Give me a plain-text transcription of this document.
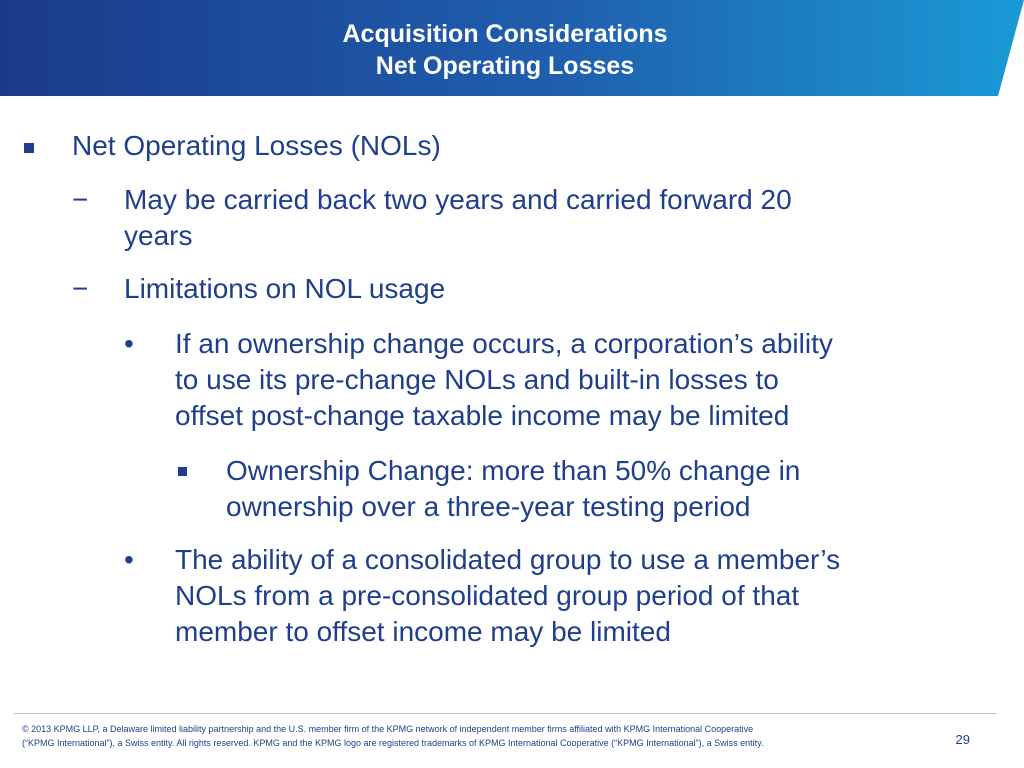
Acquisition Considerations
Net Operating Losses
Net Operating Losses (NOLs)
− May be carried back two years and carried forward 20
years
− Limitations on NOL usage
• If an ownership change occurs, a corporation’s ability
to use its pre-change NOLs and built-in losses to
offset post-change taxable income may be limited
Ownership Change: more than 50% change in
ownership over a three-year testing period
• The ability of a consolidated group to use a member’s
NOLs from a pre-consolidated group period of that
member to offset income may be limited
© 2013 KPMG LLP, a Delaware limited liability partnership and the U.S. member firm of the KPMG network of independent member firms affiliated with KPMG International Cooperative
(“KPMG International”), a Swiss entity. All rights reserved. KPMG and the KPMG logo are registered trademarks of KPMG International Cooperative (“KPMG International”), a Swiss entity.	29
